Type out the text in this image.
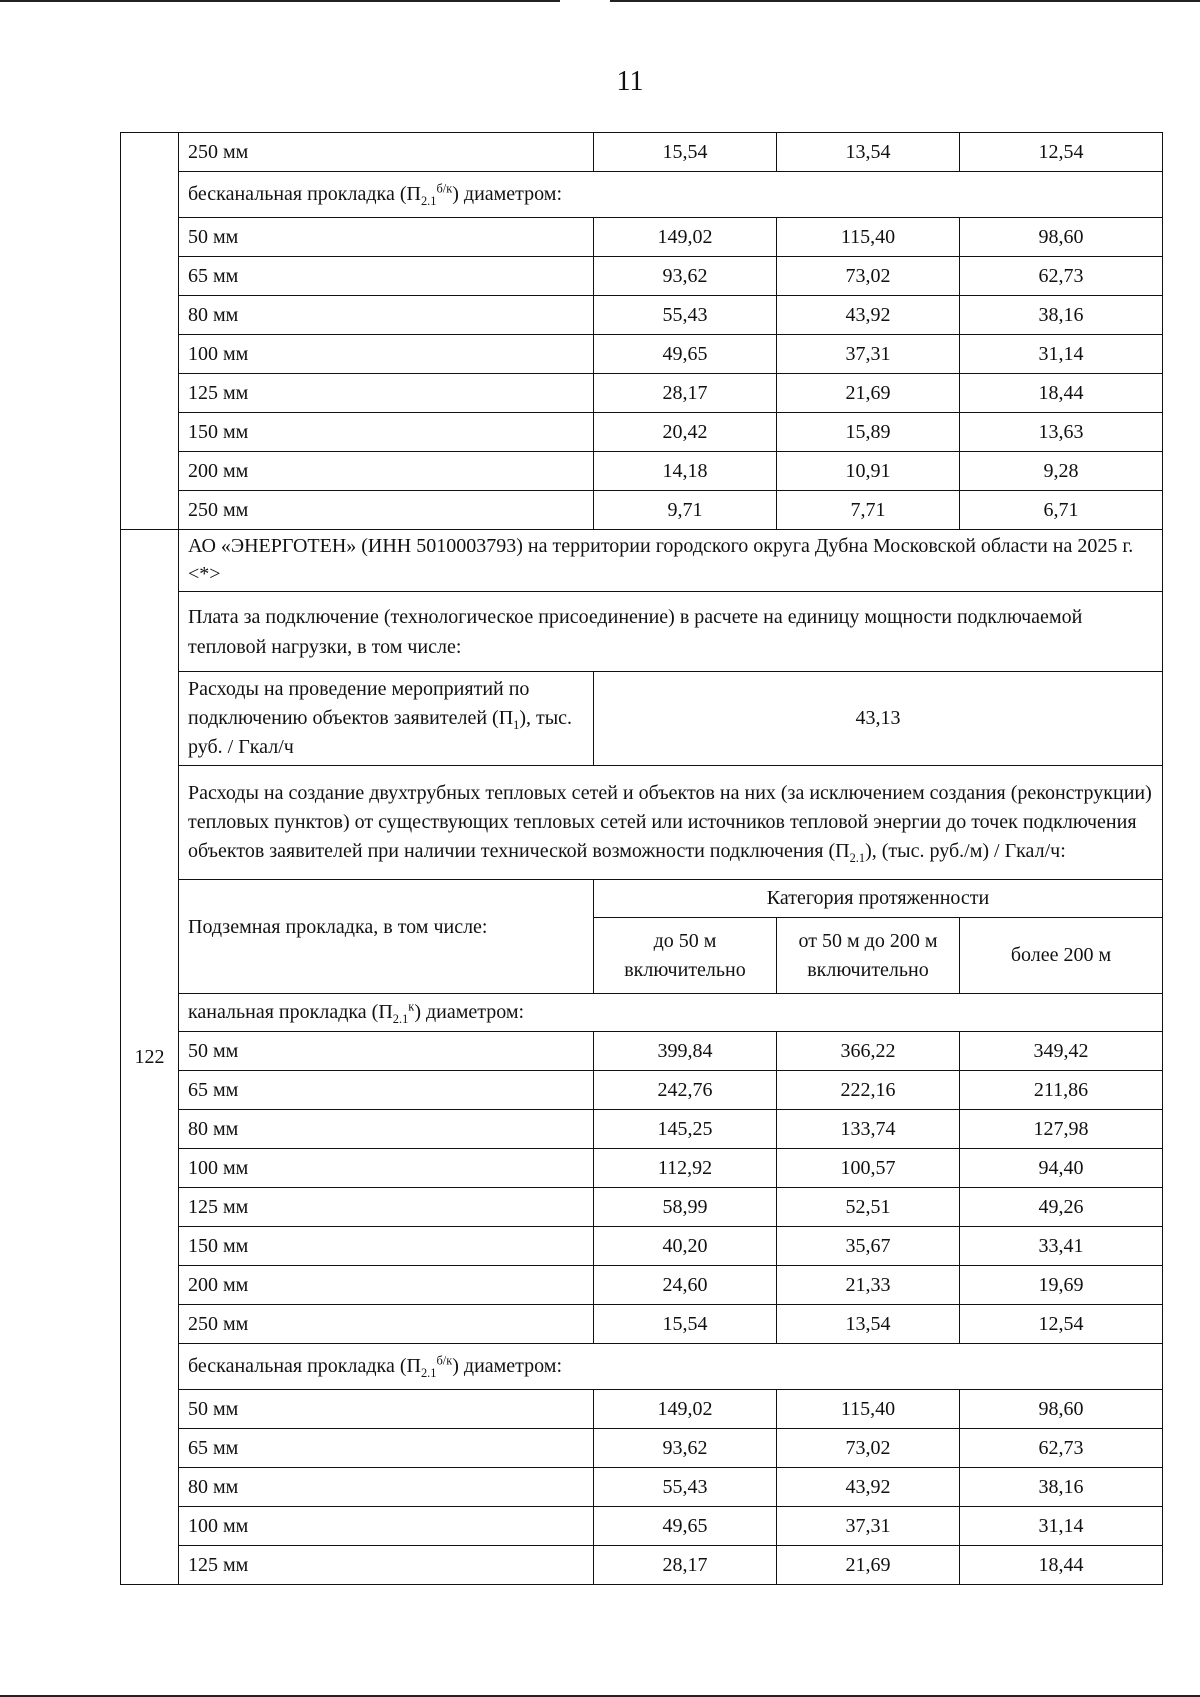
11
	250 мм	15,54	13,54	12,54
	бесканальная прокладка $(П_{2.1}^{б/к})$ диаметром:			
	50 мм	149,02	115,40	98,60
	65 мм	93,62	73,02	62,73
	80 мм	55,43	43,92	38,16
	100 мм	49,65	37,31	31,14
	125 мм	28,17	21,69	18,44
	150 мм	20,42	15,89	13,63
	200 мм	14,18	10,91	9,28
	250 мм	9,71	7,71	6,71
122	АО «ЭНЕРГОТЕН» (ИНН 5010003793) на территории городского округа Дубна Московской области на 2025 г. <*>			
	Плата за подключение (технологическое присоединение) в расчете на единицу мощности подключаемой тепловой нагрузки, в том числе:			
	Расходы на проведение мероприятий по подключению объектов заявителей $(П_1)$, тыс. руб. / Гкал/ч	43,13		
	Расходы на создание двухтрубных тепловых сетей и объектов на них (за исключением создания (реконструкции) тепловых пунктов) от существующих тепловых сетей или источников тепловой энергии до точек подключения объектов заявителей при наличии технической возможности подключения $(П_{2.1})$, (тыс. руб./м) / Гкал/ч:			
	Подземная прокладка, в том числе:	Категория протяженности		
		до 50 м включительно	от 50 м до 200 м включительно	более 200 м
	канальная прокладка $(П_{2.1}^к)$ диаметром:			
	50 мм	399,84	366,22	349,42
	65 мм	242,76	222,16	211,86
	80 мм	145,25	133,74	127,98
	100 мм	112,92	100,57	94,40
	125 мм	58,99	52,51	49,26
	150 мм	40,20	35,67	33,41
	200 мм	24,60	21,33	19,69
	250 мм	15,54	13,54	12,54
	бесканальная прокладка $(П_{2.1}^{б/к})$ диаметром:			
	50 мм	149,02	115,40	98,60
	65 мм	93,62	73,02	62,73
	80 мм	55,43	43,92	38,16
	100 мм	49,65	37,31	31,14
	125 мм	28,17	21,69	18,44
